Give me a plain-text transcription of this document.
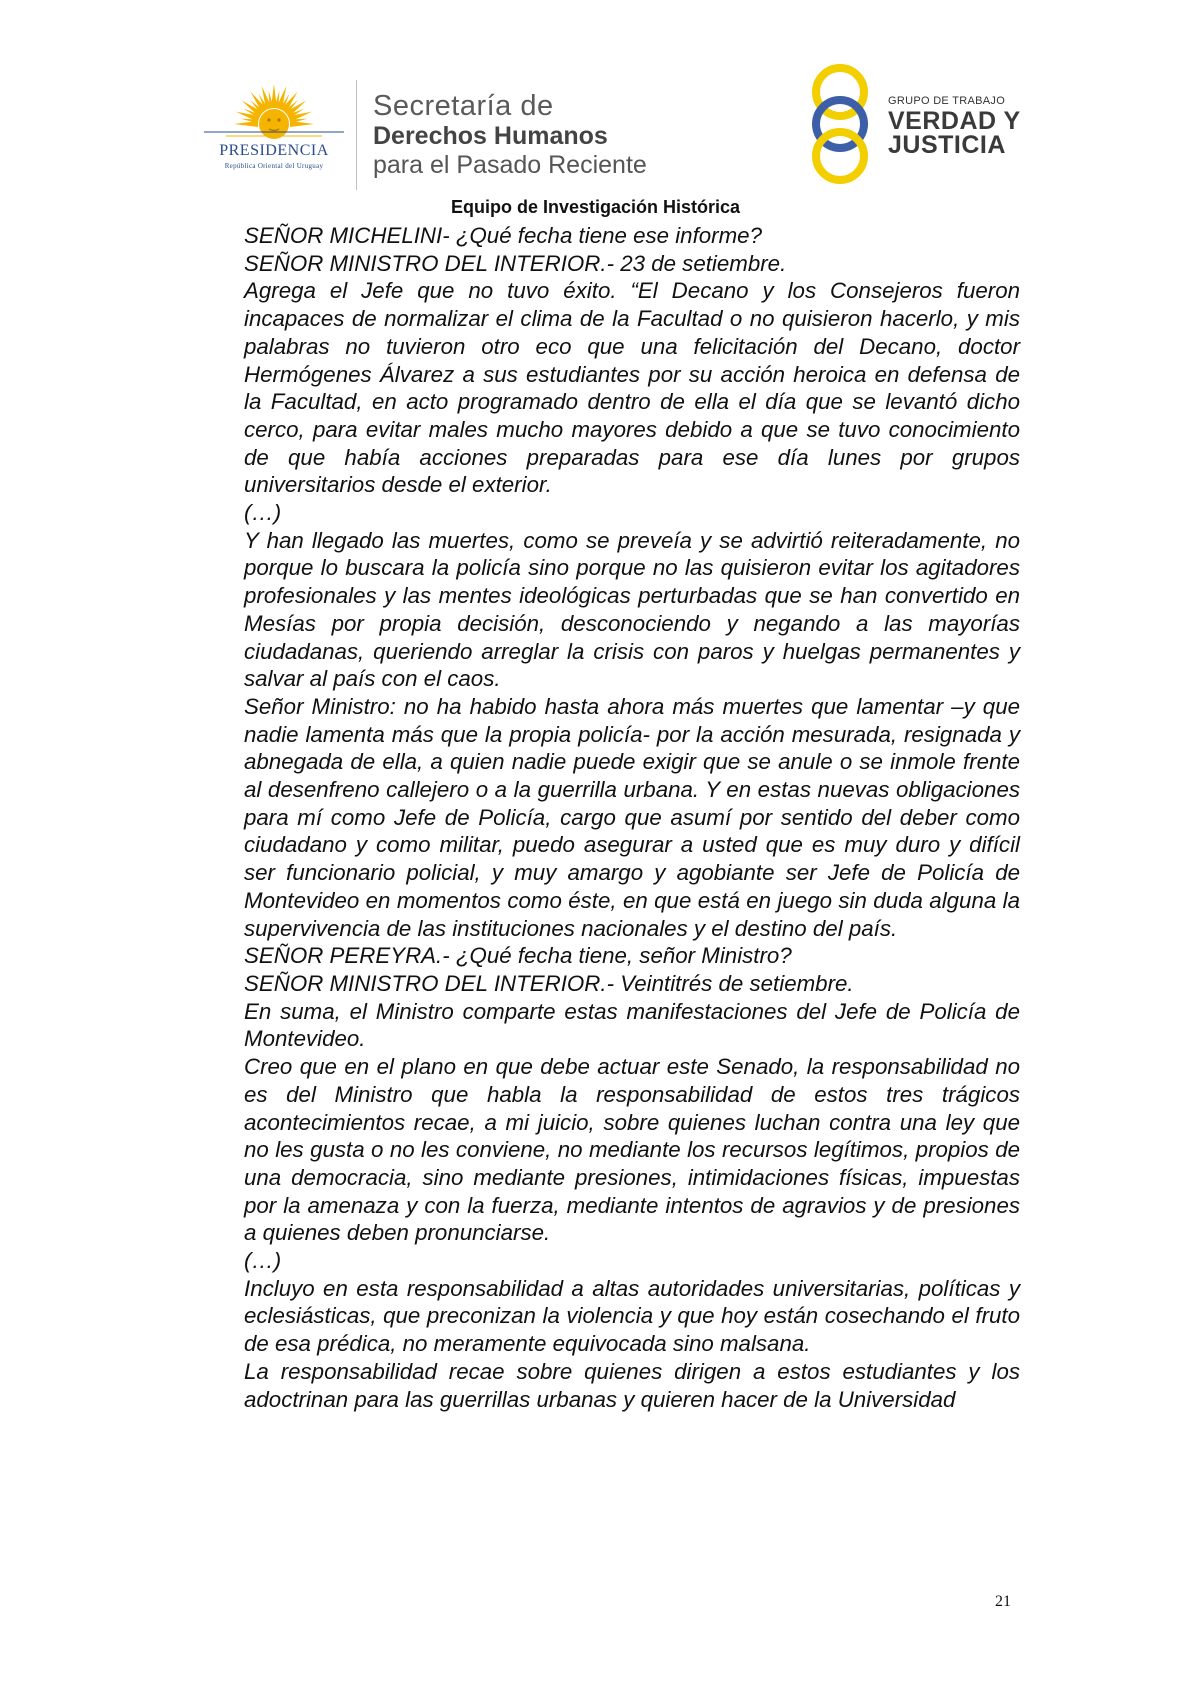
PRESIDENCIA
República Oriental del Uruguay
Secretaría de
Derechos Humanos
para el Pasado Reciente
GRUPO DE TRABAJO
VERDAD Y
JUSTICIA
Equipo de Investigación Histórica

SEÑOR MICHELINI- ¿Qué fecha tiene ese informe?

SEÑOR MINISTRO DEL INTERIOR.- 23 de setiembre.

Agrega el Jefe que no tuvo éxito. “El Decano y los Consejeros fueron incapaces de normalizar el clima de la Facultad o no quisieron hacerlo, y mis palabras no tuvieron otro eco que una felicitación del Decano, doctor Hermógenes Álvarez a sus estudiantes por su acción heroica en defensa de la Facultad, en acto programado dentro de ella el día que se levantó dicho cerco, para evitar males mucho mayores debido a que se tuvo conocimiento de que había acciones preparadas para ese día lunes por grupos universitarios desde el exterior.

(…)

Y han llegado las muertes, como se preveía y se advirtió reiteradamente, no porque lo buscara la policía sino porque no las quisieron evitar los agitadores profesionales y las mentes ideológicas perturbadas que se han convertido en Mesías por propia decisión, desconociendo y negando a las mayorías ciudadanas, queriendo arreglar la crisis con paros y huelgas permanentes y salvar al país con el caos.

Señor Ministro: no ha habido hasta ahora más muertes que lamentar –y que nadie lamenta más que la propia policía- por la acción mesurada, resignada y abnegada de ella, a quien nadie puede exigir que se anule o se inmole frente al desenfreno callejero o a la guerrilla urbana. Y en estas nuevas obligaciones para mí como Jefe de Policía, cargo que asumí por sentido del deber como ciudadano y como militar, puedo asegurar a usted que es muy duro y difícil ser funcionario policial, y muy amargo y agobiante ser Jefe de Policía de Montevideo en momentos como éste, en que está en juego sin duda alguna la supervivencia de las instituciones nacionales y el destino del país.

SEÑOR PEREYRA.- ¿Qué fecha tiene, señor Ministro?

SEÑOR MINISTRO DEL INTERIOR.- Veintitrés de setiembre.

En suma, el Ministro comparte estas manifestaciones del Jefe de Policía de Montevideo.

Creo que en el plano en que debe actuar este Senado, la responsabilidad no es del Ministro que habla la responsabilidad de estos tres trágicos acontecimientos recae, a mi juicio, sobre quienes luchan contra una ley que no les gusta o no les conviene, no mediante los recursos legítimos, propios de una democracia, sino mediante presiones, intimidaciones físicas, impuestas por la amenaza y con la fuerza, mediante intentos de agravios y de presiones a quienes deben pronunciarse.

(…)

Incluyo en esta responsabilidad a altas autoridades universitarias, políticas y eclesiásticas, que preconizan la violencia y que hoy están cosechando el fruto de esa prédica, no meramente equivocada sino malsana.

La responsabilidad recae sobre quienes dirigen a estos estudiantes y los adoctrinan para las guerrillas urbanas y quieren hacer de la Universidad

21
